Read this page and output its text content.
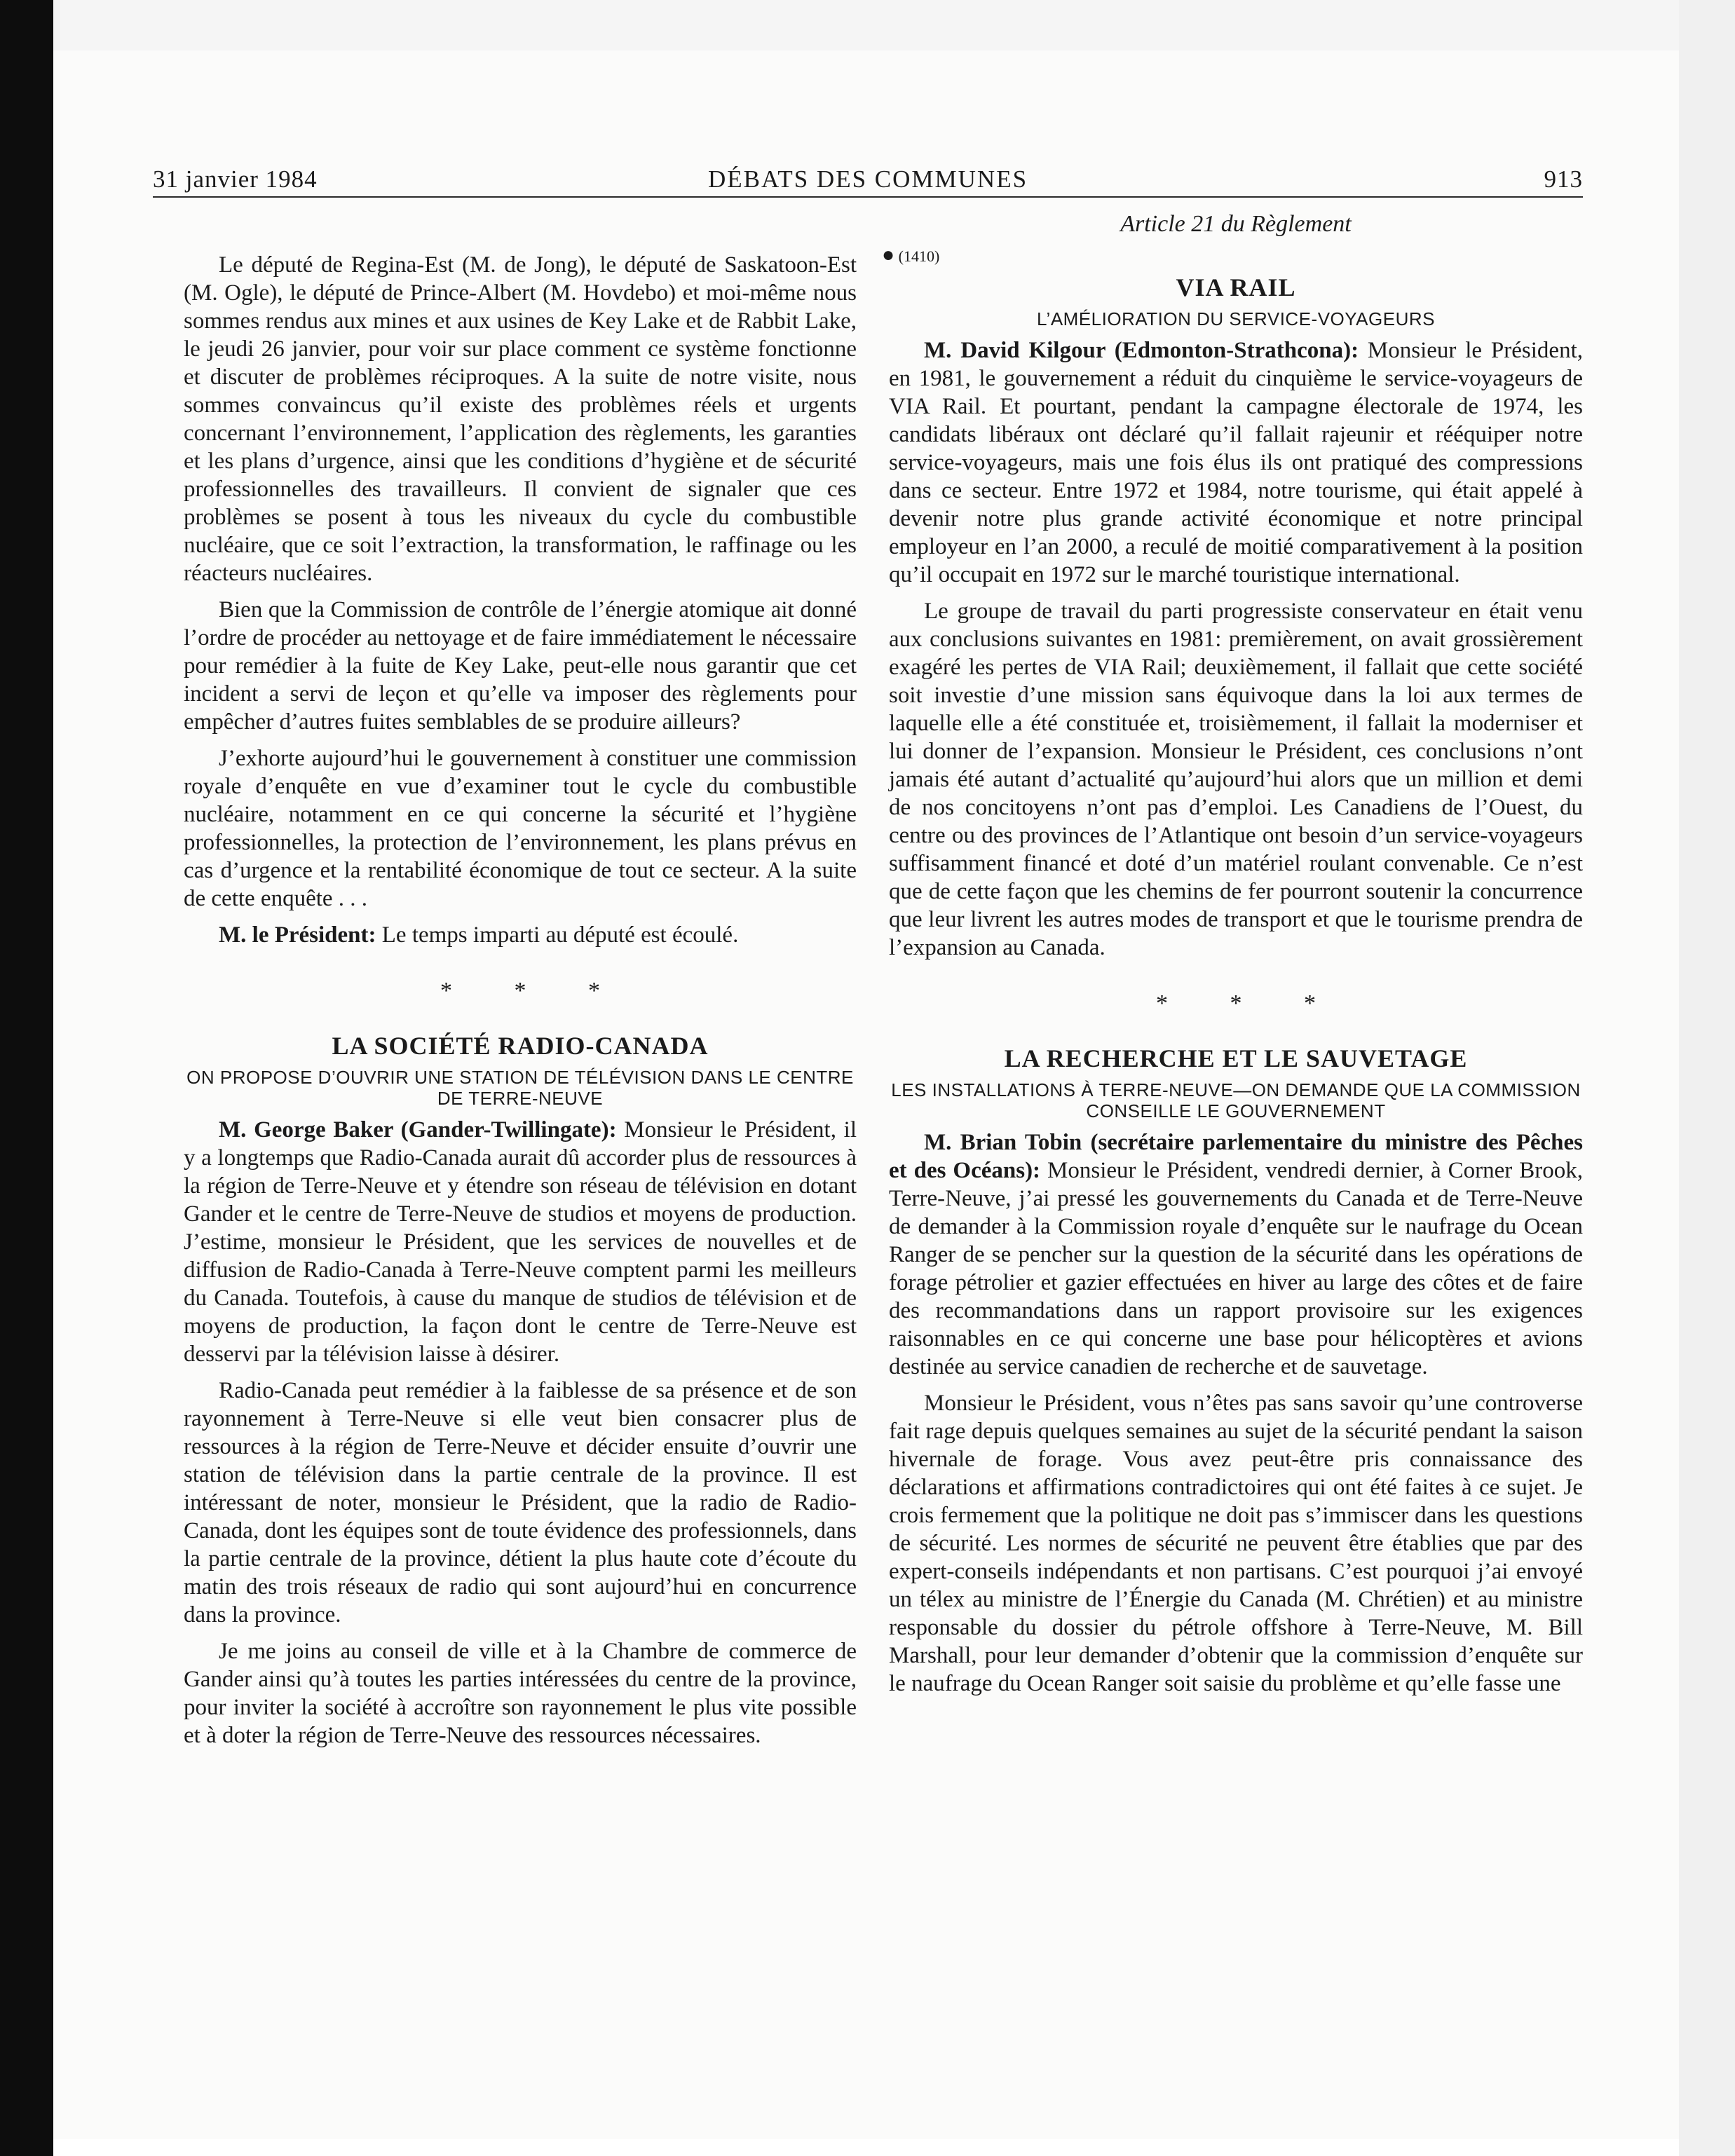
31 janvier 1984	DÉBATS DES COMMUNES	913

Le député de Regina-Est (M. de Jong), le député de Saskatoon-Est (M. Ogle), le député de Prince-Albert (M. Hovdebo) et moi-même nous sommes rendus aux mines et aux usines de Key Lake et de Rabbit Lake, le jeudi 26 janvier, pour voir sur place comment ce système fonctionne et discuter de problèmes réciproques. A la suite de notre visite, nous sommes convaincus qu’il existe des problèmes réels et urgents concernant l’environnement, l’application des règlements, les garanties et les plans d’urgence, ainsi que les conditions d’hygiène et de sécurité professionnelles des travailleurs. Il convient de signaler que ces problèmes se posent à tous les niveaux du cycle du combustible nucléaire, que ce soit l’extraction, la transformation, le raffinage ou les réacteurs nucléaires.

Bien que la Commission de contrôle de l’énergie atomique ait donné l’ordre de procéder au nettoyage et de faire immédiatement le nécessaire pour remédier à la fuite de Key Lake, peut-elle nous garantir que cet incident a servi de leçon et qu’elle va imposer des règlements pour empêcher d’autres fuites semblables de se produire ailleurs?

J’exhorte aujourd’hui le gouvernement à constituer une commission royale d’enquête en vue d’examiner tout le cycle du combustible nucléaire, notamment en ce qui concerne la sécurité et l’hygiène professionnelles, la protection de l’environnement, les plans prévus en cas d’urgence et la rentabilité économique de tout ce secteur. A la suite de cette enquête . . .

M. le Président: Le temps imparti au député est écoulé.

* * *
LA SOCIÉTÉ RADIO-CANADA
ON PROPOSE D’OUVRIR UNE STATION DE TÉLÉVISION DANS LE CENTRE DE TERRE-NEUVE

M. George Baker (Gander-Twillingate): Monsieur le Président, il y a longtemps que Radio-Canada aurait dû accorder plus de ressources à la région de Terre-Neuve et y étendre son réseau de télévision en dotant Gander et le centre de Terre-Neuve de studios et moyens de production. J’estime, monsieur le Président, que les services de nouvelles et de diffusion de Radio-Canada à Terre-Neuve comptent parmi les meilleurs du Canada. Toutefois, à cause du manque de studios de télévision et de moyens de production, la façon dont le centre de Terre-Neuve est desservi par la télévision laisse à désirer.

Radio-Canada peut remédier à la faiblesse de sa présence et de son rayonnement à Terre-Neuve si elle veut bien consacrer plus de ressources à la région de Terre-Neuve et décider ensuite d’ouvrir une station de télévision dans la partie centrale de la province. Il est intéressant de noter, monsieur le Président, que la radio de Radio-Canada, dont les équipes sont de toute évidence des professionnels, dans la partie centrale de la province, détient la plus haute cote d’écoute du matin des trois réseaux de radio qui sont aujourd’hui en concurrence dans la province.

Je me joins au conseil de ville et à la Chambre de commerce de Gander ainsi qu’à toutes les parties intéressées du centre de la province, pour inviter la société à accroître son rayonnement le plus vite possible et à doter la région de Terre-Neuve des ressources nécessaires.

Article 21 du Règlement
● (1410)
VIA RAIL
L’AMÉLIORATION DU SERVICE-VOYAGEURS

M. David Kilgour (Edmonton-Strathcona): Monsieur le Président, en 1981, le gouvernement a réduit du cinquième le service-voyageurs de VIA Rail. Et pourtant, pendant la campagne électorale de 1974, les candidats libéraux ont déclaré qu’il fallait rajeunir et rééquiper notre service-voyageurs, mais une fois élus ils ont pratiqué des compressions dans ce secteur. Entre 1972 et 1984, notre tourisme, qui était appelé à devenir notre plus grande activité économique et notre principal employeur en l’an 2000, a reculé de moitié comparativement à la position qu’il occupait en 1972 sur le marché touristique international.

Le groupe de travail du parti progressiste conservateur en était venu aux conclusions suivantes en 1981: premièrement, on avait grossièrement exagéré les pertes de VIA Rail; deuxièmement, il fallait que cette société soit investie d’une mission sans équivoque dans la loi aux termes de laquelle elle a été constituée et, troisièmement, il fallait la moderniser et lui donner de l’expansion. Monsieur le Président, ces conclusions n’ont jamais été autant d’actualité qu’aujourd’hui alors que un million et demi de nos concitoyens n’ont pas d’emploi. Les Canadiens de l’Ouest, du centre ou des provinces de l’Atlantique ont besoin d’un service-voyageurs suffisamment financé et doté d’un matériel roulant convenable. Ce n’est que de cette façon que les chemins de fer pourront soutenir la concurrence que leur livrent les autres modes de transport et que le tourisme prendra de l’expansion au Canada.

* * *
LA RECHERCHE ET LE SAUVETAGE
LES INSTALLATIONS À TERRE-NEUVE—ON DEMANDE QUE LA COMMISSION CONSEILLE LE GOUVERNEMENT

M. Brian Tobin (secrétaire parlementaire du ministre des Pêches et des Océans): Monsieur le Président, vendredi dernier, à Corner Brook, Terre-Neuve, j’ai pressé les gouvernements du Canada et de Terre-Neuve de demander à la Commission royale d’enquête sur le naufrage du Ocean Ranger de se pencher sur la question de la sécurité dans les opérations de forage pétrolier et gazier effectuées en hiver au large des côtes et de faire des recommandations dans un rapport provisoire sur les exigences raisonnables en ce qui concerne une base pour hélicoptères et avions destinée au service canadien de recherche et de sauvetage.

Monsieur le Président, vous n’êtes pas sans savoir qu’une controverse fait rage depuis quelques semaines au sujet de la sécurité pendant la saison hivernale de forage. Vous avez peut-être pris connaissance des déclarations et affirmations contradictoires qui ont été faites à ce sujet. Je crois fermement que la politique ne doit pas s’immiscer dans les questions de sécurité. Les normes de sécurité ne peuvent être établies que par des expert-conseils indépendants et non partisans. C’est pourquoi j’ai envoyé un télex au ministre de l’Énergie du Canada (M. Chrétien) et au ministre responsable du dossier du pétrole offshore à Terre-Neuve, M. Bill Marshall, pour leur demander d’obtenir que la commission d’enquête sur le naufrage du Ocean Ranger soit saisie du problème et qu’elle fasse une
